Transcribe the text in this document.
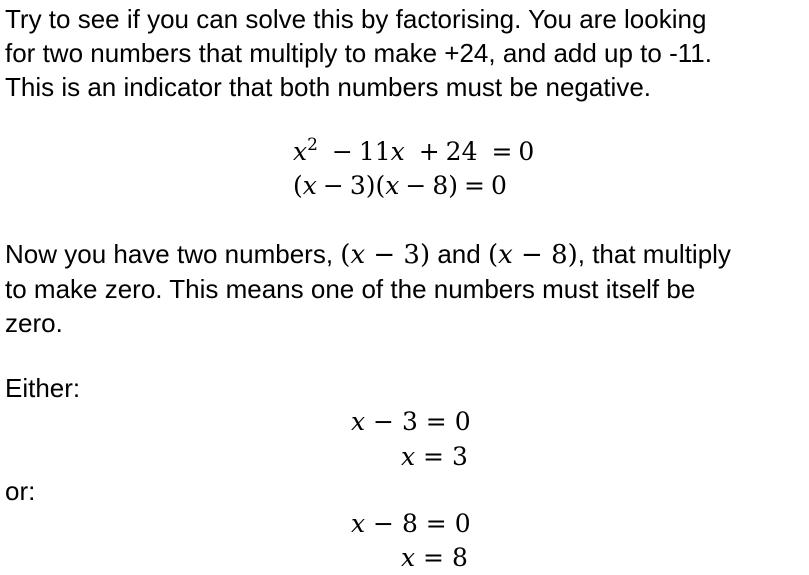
Try to see if you can solve this by factorising. You are looking
for two numbers that multiply to make +24, and add up to -11.
This is an indicator that both numbers must be negative.

$x^2 - 11x + 24 = 0$
(x − 3)(x − 8) = 0

Now you have two numbers, (x − 3) and (x − 8), that multiply
to make zero. This means one of the numbers must itself be
zero.

Either:

x − 3 = 0
x = 3

or:

x − 8 = 0
x = 8
